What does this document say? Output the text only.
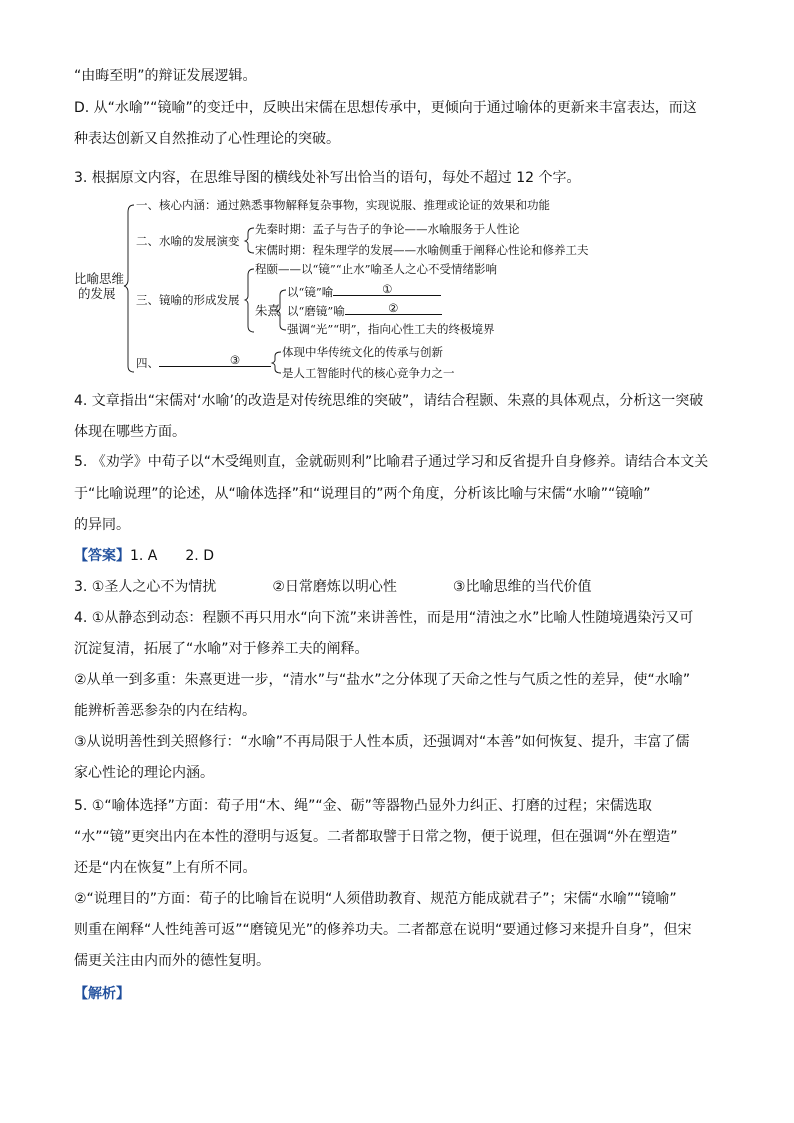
“由晦至明”的辩证发展逻辑。
D. 从“水喻”“镜喻”的变迁中，反映出宋儒在思想传承中，更倾向于通过喻体的更新来丰富表达，而这
种表达创新又自然推动了心性理论的突破。
3. 根据原文内容，在思维导图的横线处补写出恰当的语句，每处不超过 12 个字。
比喻思维
的发展
一、核心内涵：通过熟悉事物解释复杂事物，实现说服、推理或论证的效果和功能
二、水喻的发展演变
先秦时期：孟子与告子的争论——水喻服务于人性论
宋儒时期：程朱理学的发展——水喻侧重于阐释心性论和修养工夫
三、镜喻的形成发展
程颐——以“镜”“止水”喻圣人之心不受情绪影响
朱熹
以“镜”喻	①
以“磨镜”喻	②
强调“光”“明”，指向心性工夫的终极境界
四、	③
体现中华传统文化的传承与创新
是人工智能时代的核心竞争力之一
4. 文章指出“宋儒对‘水喻’的改造是对传统思维的突破”，请结合程颢、朱熹的具体观点，分析这一突破
体现在哪些方面。
5. 《劝学》中荀子以“木受绳则直，金就砺则利”比喻君子通过学习和反省提升自身修养。请结合本文关
于“比喻说理”的论述，从“喻体选择”和“说理目的”两个角度，分析该比喻与宋儒“水喻”“镜喻”
的异同。
【答案】1. A　　2. D
3. ①圣人之心不为情扰　　　　②日常磨炼以明心性　　　　③比喻思维的当代价值
4. ①从静态到动态：程颢不再只用水“向下流”来讲善性，而是用“清浊之水”比喻人性随境遇染污又可
沉淀复清，拓展了“水喻”对于修养工夫的阐释。
②从单一到多重：朱熹更进一步，“清水”与“盐水”之分体现了天命之性与气质之性的差异，使“水喻”
能辨析善恶参杂的内在结构。
③从说明善性到关照修行：“水喻”不再局限于人性本质，还强调对“本善”如何恢复、提升，丰富了儒
家心性论的理论内涵。
5. ①“喻体选择”方面：荀子用“木、绳”“金、砺”等器物凸显外力纠正、打磨的过程；宋儒选取
“水”“镜”更突出内在本性的澄明与返复。二者都取譬于日常之物，便于说理，但在强调“外在塑造”
还是“内在恢复”上有所不同。
②“说理目的”方面：荀子的比喻旨在说明“人须借助教育、规范方能成就君子”；宋儒“水喻”“镜喻”
则重在阐释“人性纯善可返”“磨镜见光”的修养功夫。二者都意在说明“要通过修习来提升自身”，但宋
儒更关注由内而外的德性复明。
【解析】
